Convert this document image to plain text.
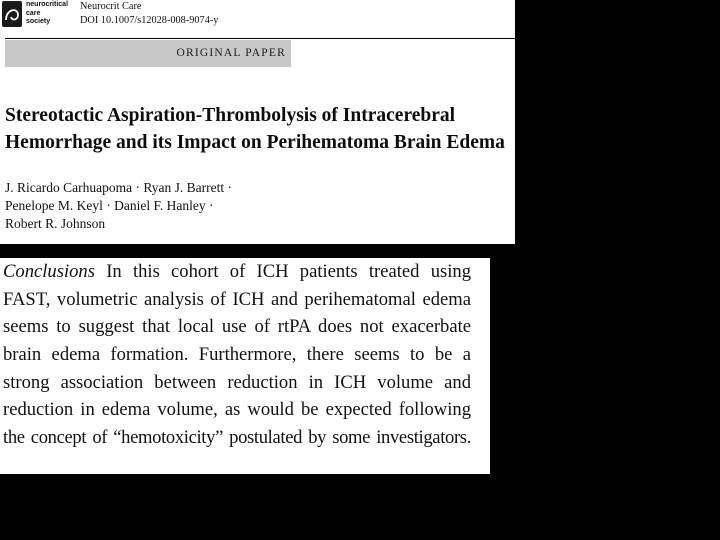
neurocritical
care
society
Neurocrit Care
DOI 10.1007/s12028-008-9074-y
ORIGINAL PAPER
Stereotactic Aspiration-Thrombolysis of Intracerebral
Hemorrhage and its Impact on Perihematoma Brain Edema
J. Ricardo Carhuapoma · Ryan J. Barrett ·
Penelope M. Keyl · Daniel F. Hanley ·
Robert R. Johnson
Conclusions In this cohort of ICH patients treated using
FAST, volumetric analysis of ICH and perihematomal edema
seems to suggest that local use of rtPA does not exacerbate
brain edema formation. Furthermore, there seems to be a
strong association between reduction in ICH volume and
reduction in edema volume, as would be expected following
the concept of “hemotoxicity” postulated by some investigators.
